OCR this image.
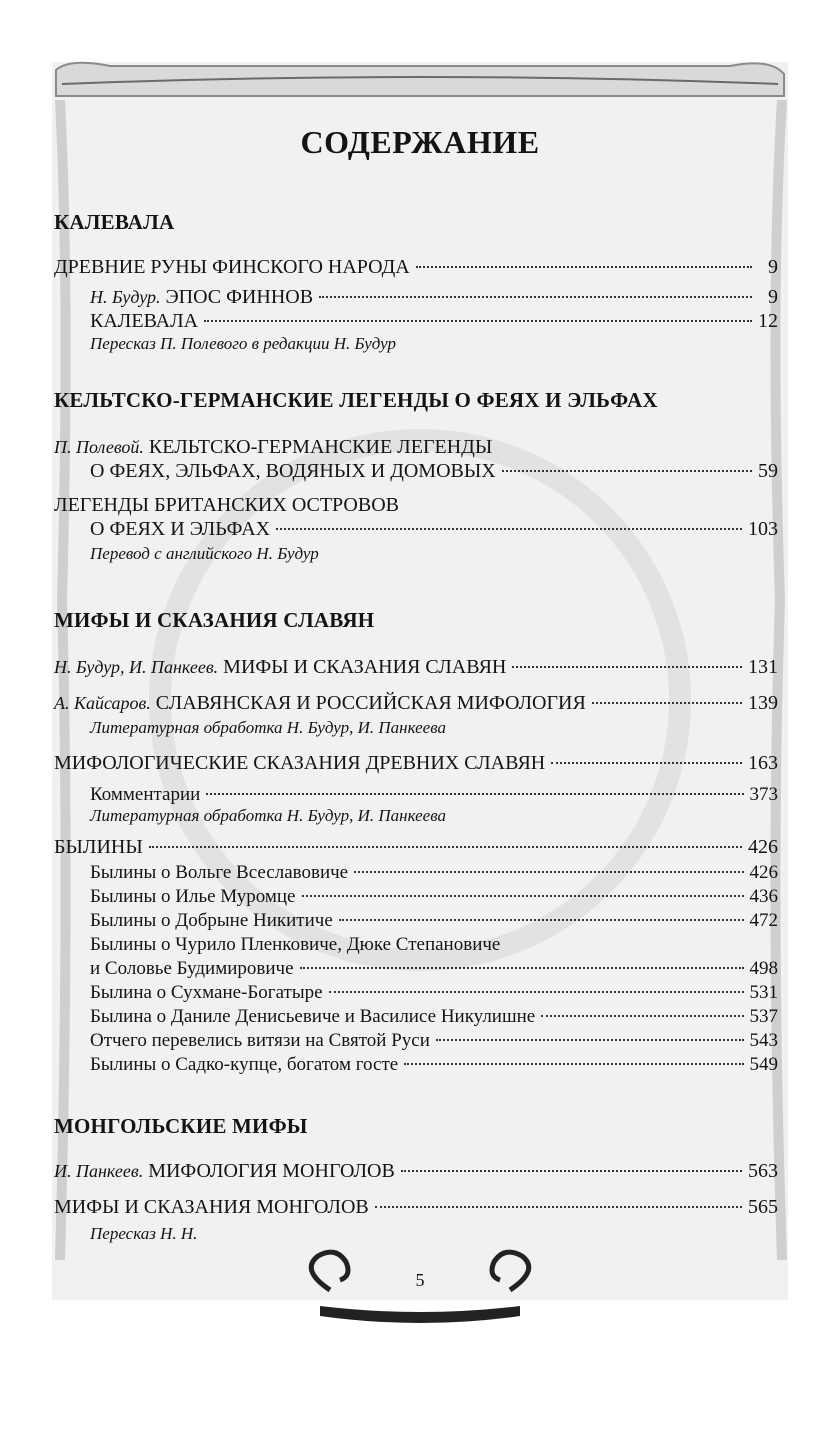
СОДЕРЖАНИЕ
КАЛЕВАЛА
ДРЕВНИЕ РУНЫ ФИНСКОГО НАРОДА	9
Н. Будур. ЭПОС ФИННОВ	9
КАЛЕВАЛА	12
Пересказ П. Полевого в редакции Н. Будур
КЕЛЬТСКО-ГЕРМАНСКИЕ ЛЕГЕНДЫ О ФЕЯХ И ЭЛЬФАХ
П. Полевой. КЕЛЬТСКО-ГЕРМАНСКИЕ ЛЕГЕНДЫ
О ФЕЯХ, ЭЛЬФАХ, ВОДЯНЫХ И ДОМОВЫХ	59
ЛЕГЕНДЫ БРИТАНСКИХ ОСТРОВОВ
О ФЕЯХ И ЭЛЬФАХ	103
Перевод с английского Н. Будур
МИФЫ И СКАЗАНИЯ СЛАВЯН
Н. Будур, И. Панкеев. МИФЫ И СКАЗАНИЯ СЛАВЯН	131
А. Кайсаров. СЛАВЯНСКАЯ И РОССИЙСКАЯ МИФОЛОГИЯ	139
Литературная обработка Н. Будур, И. Панкеева
МИФОЛОГИЧЕСКИЕ СКАЗАНИЯ ДРЕВНИХ СЛАВЯН	163
Комментарии	373
Литературная обработка Н. Будур, И. Панкеева
БЫЛИНЫ	426
Былины о Вольге Всеславовиче	426
Былины о Илье Муромце	436
Былины о Добрыне Никитиче	472
Былины о Чурило Пленковиче, Дюке Степановиче
и Соловье Будимировиче	498
Былина о Сухмане-Богатыре	531
Былина о Даниле Денисьевиче и Василисе Никулишне	537
Отчего перевелись витязи на Святой Руси	543
Былины о Садко-купце, богатом госте	549
МОНГОЛЬСКИЕ МИФЫ
И. Панкеев. МИФОЛОГИЯ МОНГОЛОВ	563
МИФЫ И СКАЗАНИЯ МОНГОЛОВ	565
Пересказ Н. Н.
5
